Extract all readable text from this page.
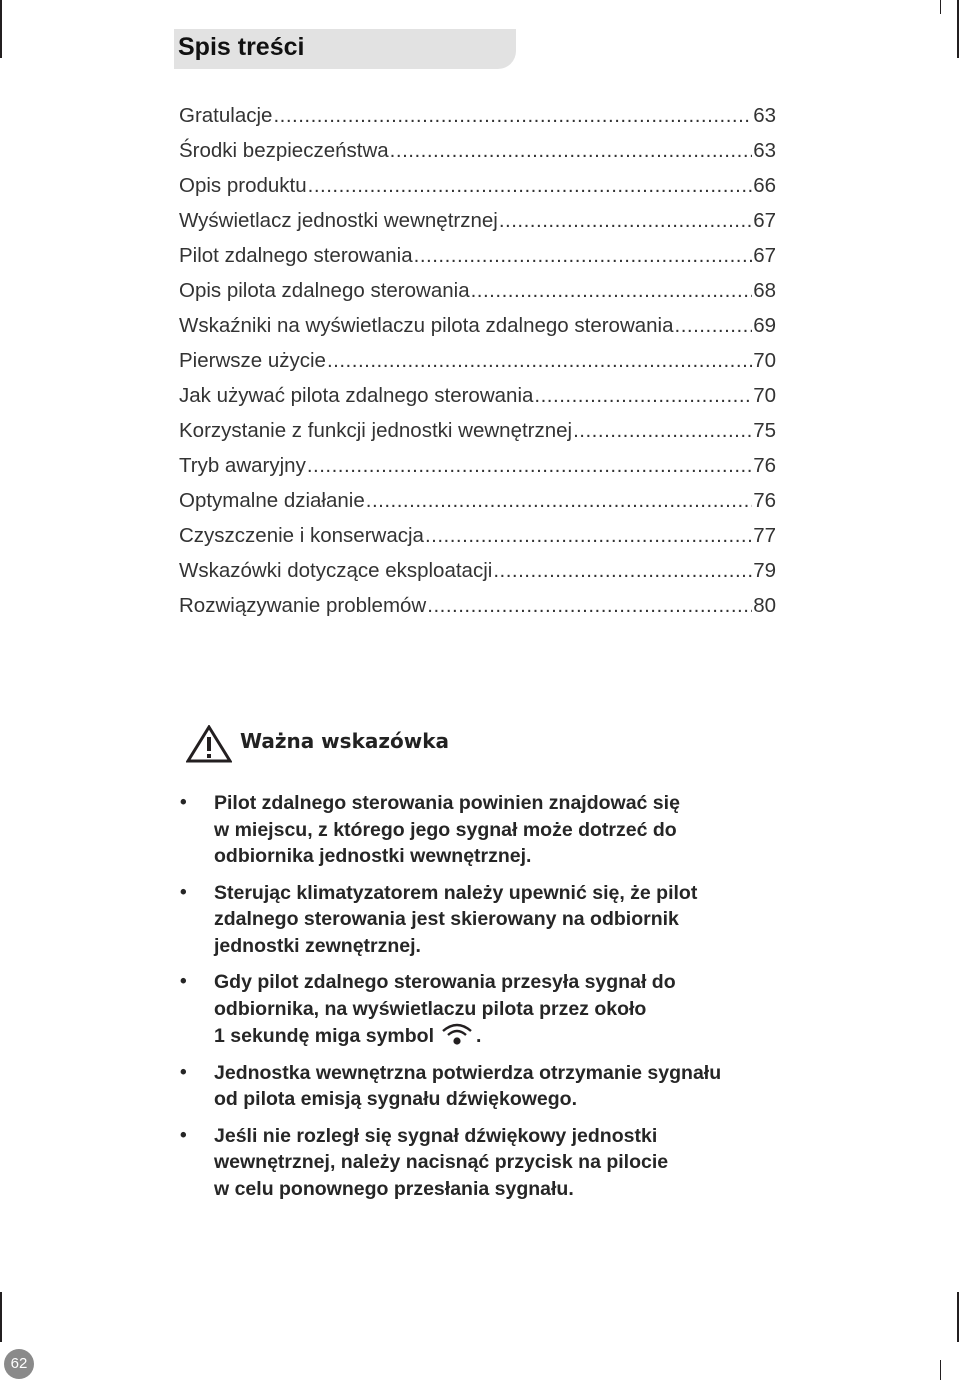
Spis treści
Gratulacje .....	63
Środki bezpieczeństwa .....	63
Opis produktu .....	66
Wyświetlacz jednostki wewnętrznej .....	67
Pilot zdalnego sterowania .....	67
Opis pilota zdalnego sterowania .....	68
Wskaźniki na wyświetlaczu pilota zdalnego sterowania .....	69
Pierwsze użycie .....	70
Jak używać pilota zdalnego sterowania .....	70
Korzystanie z funkcji jednostki wewnętrznej .....	75
Tryb awaryjny .....	76
Optymalne działanie .....	76
Czyszczenie i konserwacja .....	77
Wskazówki dotyczące eksploatacji .....	79
Rozwiązywanie problemów .....	80
Ważna wskazówka
• Pilot zdalnego sterowania powinien znajdować się
w miejscu, z którego jego sygnał może dotrzeć do
odbiornika jednostki wewnętrznej.
• Sterując klimatyzatorem należy upewnić się, że pilot
zdalnego sterowania jest skierowany na odbiornik
jednostki zewnętrznej.
• Gdy pilot zdalnego sterowania przesyła sygnał do
odbiornika, na wyświetlaczu pilota przez około
1 sekundę miga symbol .
• Jednostka wewnętrzna potwierdza otrzymanie sygnału
od pilota emisją sygnału dźwiękowego.
• Jeśli nie rozległ się sygnał dźwiękowy jednostki
wewnętrznej, należy nacisnąć przycisk na pilocie
w celu ponownego przesłania sygnału.
62
